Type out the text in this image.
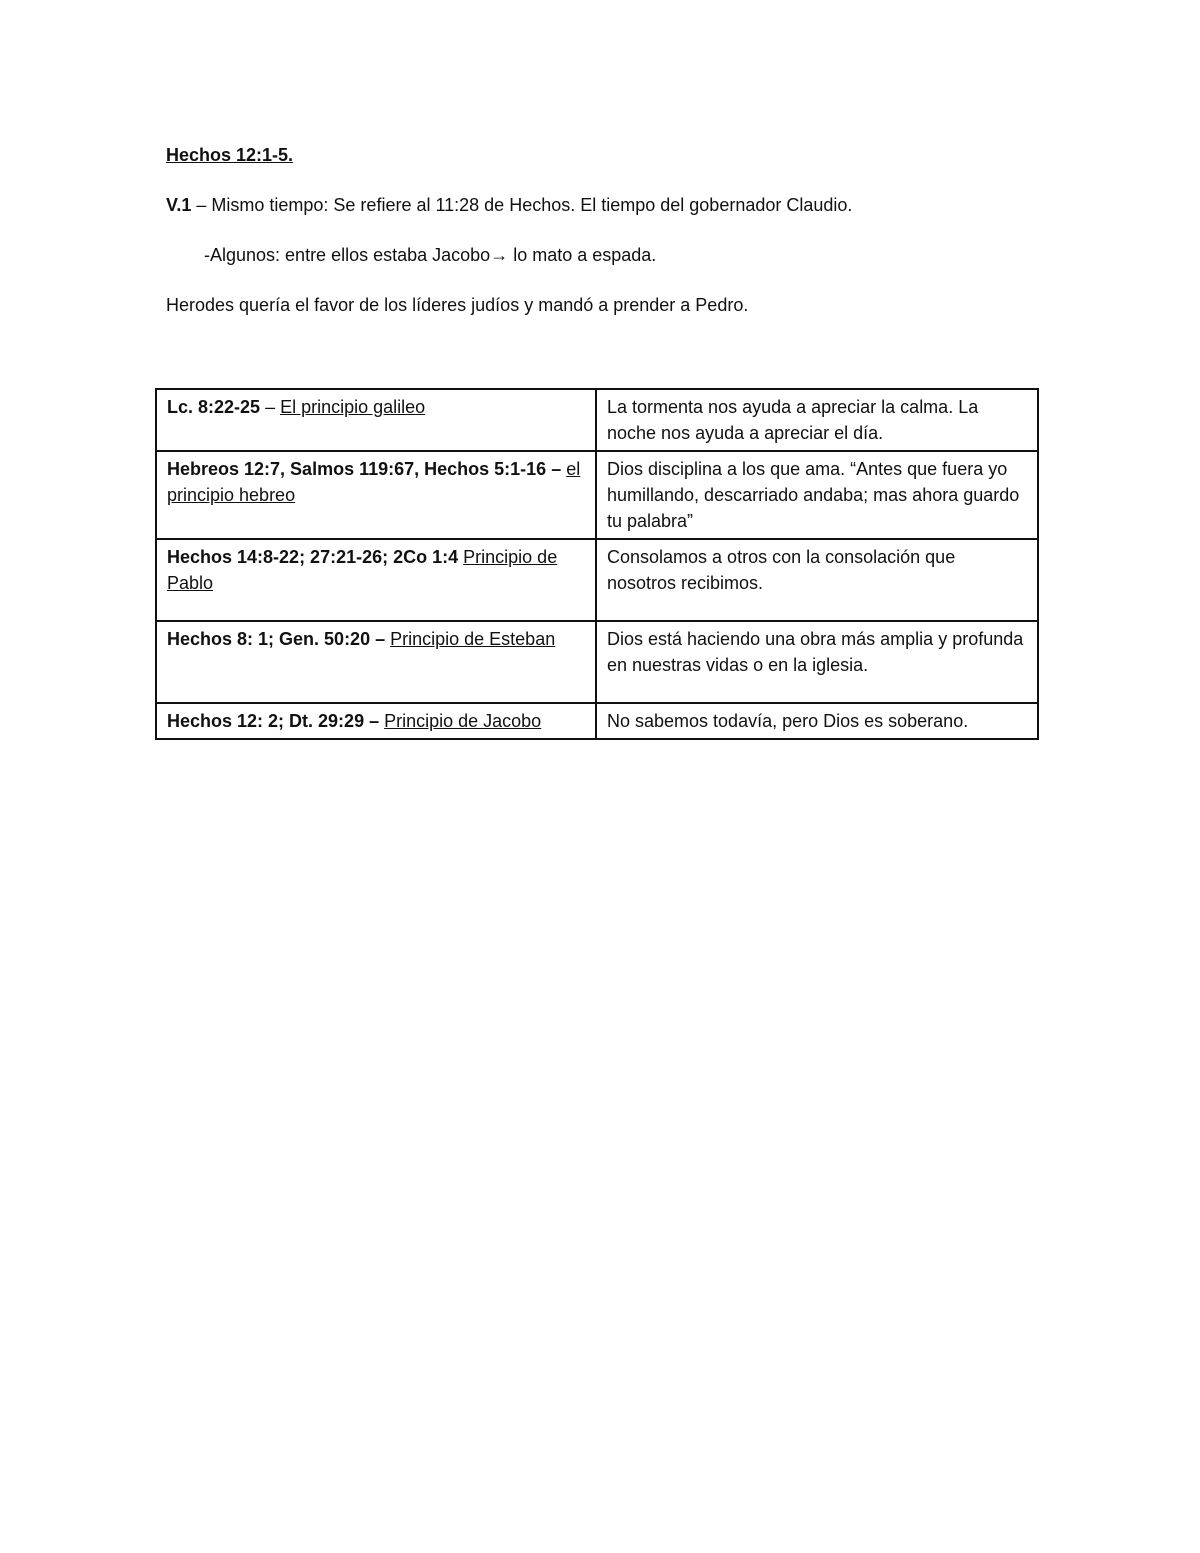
Hechos 12:1-5.
V.1 – Mismo tiempo: Se refiere al 11:28 de Hechos. El tiempo del gobernador Claudio.
-Algunos: entre ellos estaba Jacobo→ lo mato a espada.
Herodes quería el favor de los líderes judíos y mandó a prender a Pedro.
Lc. 8:22-25 – El principio galileo	La tormenta nos ayuda a apreciar la calma. La noche nos ayuda a apreciar el día.
Hebreos 12:7, Salmos 119:67, Hechos 5:1-16 – el principio hebreo	Dios disciplina a los que ama. “Antes que fuera yo humillando, descarriado andaba; mas ahora guardo tu palabra”
Hechos 14:8-22; 27:21-26; 2Co 1:4 Principio de Pablo	Consolamos a otros con la consolación que nosotros recibimos.
Hechos 8: 1; Gen. 50:20 – Principio de Esteban	Dios está haciendo una obra más amplia y profunda en nuestras vidas o en la iglesia.
Hechos 12: 2; Dt. 29:29 – Principio de Jacobo	No sabemos todavía, pero Dios es soberano.
